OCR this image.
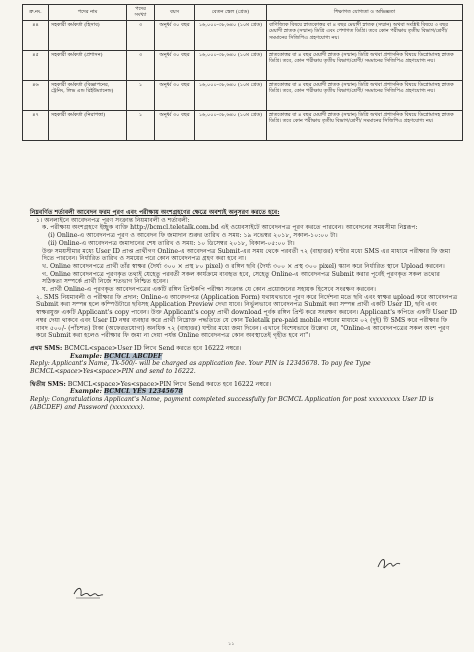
ক্র.নং.	পদের নাম	পদের সংখ্যা	বয়স	বেতন স্কেল (গ্রেড)	শিক্ষাগত যোগ্যতা ও অভিজ্ঞতা
৪৪	সহকারী কর্মকর্তা (হিসাব)	৩	অনূর্ধ্ব ৩০ বছর	১৬,০০০-৩৮,৬৪০ (১০ম গ্রেড)	বাণিজ্যিক বিষয়ে স্নাতকোত্তর বা ৪ বছর মেয়াদী স্নাতক (সম্মান) অথবা সংশ্লিষ্ট বিষয়ে ৩ বছর মেয়াদী স্নাতক (সম্মান) ডিগ্রি এবং পেশাগত ডিগ্রি। তবে কোন পরীক্ষায় তৃতীয় বিভাগ/শ্রেণী/সমমানের সিজিপিএ গ্রহণযোগ্য নয়।
৪৫	সহকারী কর্মকর্তা (প্রশাসন)	৩	অনূর্ধ্ব ৩০ বছর	১৬,০০০-৩৮,৬৪০ (১০ম গ্রেড)	স্নাতকোত্তর বা ৪ বছর মেয়াদী স্নাতক (সম্মান) ডিগ্রি অথবা প্রশাসনিক বিষয়ে ডিপ্লোমাসহ স্নাতক ডিগ্রি। তবে, কোন পরীক্ষায় তৃতীয় বিভাগ/শ্রেণী/ সমমানের সিজিপিএ গ্রহণযোগ্য নয়।
৪৬	সহকারী কর্মকর্তা (বিজ্ঞাপনের, ট্রেনিং, লিভ এন্ড রিইউম্যানেন্ড)	১	অনূর্ধ্ব ৩০ বছর	১৬,০০০-৩৮,৬৪০ (১০ম গ্রেড)	স্নাতকোত্তর বা ৪ বছর মেয়াদী স্নাতক (সম্মান) ডিগ্রি অথবা প্রশাসনিক বিষয়ে ডিপ্লোমাসহ স্নাতক ডিগ্রি। তবে, কোন পরীক্ষায় তৃতীয় বিভাগ/শ্রেণী/ সমমানের সিজিপিএ গ্রহণযোগ্য নয়।
৪৭	সহকারী কর্মকর্তা (নিরাপত্তা)	১	অনূর্ধ্ব ৩০ বছর	১৬,০০০-৩৮,৬৪০ (১০ম গ্রেড)	স্নাতকোত্তর বা ৪ বছর মেয়াদী স্নাতক (সম্মান) ডিগ্রি অথবা প্রশাসনিক বিষয়ে ডিপ্লোমাসহ স্নাতক ডিগ্রি। তবে কোন পরীক্ষায় তৃতীয় বিভাগ/শ্রেণী/ সমমানের সিজিপিএ গ্রহণযোগ্য নয়।

নিম্নবর্ণিত শর্তাবলী আবেদন ফরম পূরণ এবং পরীক্ষায় অংশগ্রহণের ক্ষেত্রে অবশ্যই অনুসরণ করতে হবে:

১। অনলাইনে আবেদনপত্র পূরণ সংক্রান্ত নিয়মাবলী ও শর্তাবলী:

ক. পরীক্ষায় অংশগ্রহণে ইচ্ছুক ব্যক্তি http://bcmcl.teletalk.com.bd এই ওয়েবসাইটে আবেদনপত্র পূরণ করতে পারবেন। আবেদনের সময়সীমা নিম্নরূপ:

(i) Online-এ আবেদনপত্র পূরণ ও আবেদন ফি জমাদান শুরুর তারিখ ও সময়: ১৯ নভেম্বর ২০১৮, সকাল-১০:০০ টা।

(ii) Online-এ আবেদনপত্র জমাদানের শেষ তারিখ ও সময়: ১০ ডিসেম্বর ২০১৮, বিকাল-০৫:০০ টা।

উক্ত সময়সীমার মধ্যে User ID প্রাপ্ত প্রার্থীগণ Online-এ আবেদনপত্র Submit-এর সময় থেকে পরবর্তী ৭২ (বাহাত্তর) ঘণ্টার মধ্যে SMS এর মাধ্যমে পরীক্ষার ফি জমা দিতে পারবেন। নির্ধারিত তারিখ ও সময়ের পরে কোন আবেদনপত্র গ্রহণ করা হবে না।

খ. Online আবেদনপত্রে প্রার্থী তাঁর স্বাক্ষর (দৈর্ঘ্য ৩০০ × প্রস্থ ৮০ pixel) ও রঙ্গিন ছবি (দৈর্ঘ্য ৩০০ × প্রস্থ ৩০০ pixel) স্ক্যান করে নির্ধারিত স্থানে Upload করবেন।

গ. Online আবেদনপত্রে পূরণকৃত তথ্যই যেহেতু পরবর্তী সকল কার্যক্রমে ব্যবহৃত হবে, সেহেতু Online-এ আবেদনপত্র Submit করার পূর্বেই পূরণকৃত সকল তথ্যের সঠিকতা সম্পর্কে প্রার্থী নিজে শতভাগ নিশ্চিত হবেন।

ঘ. প্রার্থী Online-এ পূরণকৃত আবেদনপত্রের একটি রঙ্গিন প্রিন্টকপি পরীক্ষা সংক্রান্ত যে কোন প্রয়োজনের সহায়ক হিসেবে সংরক্ষণ করবেন।

২. SMS নিয়মাবলী ও পরীক্ষার ফি প্রদান: Online-এ আবেদনপত্র (Application Form) যথাযথভাবে পূরণ করে নির্দেশনা মতে ছবি এবং স্বাক্ষর upload করে আবেদনপত্র Submit করা সম্পন্ন হলে কম্পিউটারে ছবিসহ Application Preview দেখা যাবে। নির্ভুলভাবে আবেদনপত্র Submit করা সম্পন্ন প্রার্থী একটি User ID, ছবি এবং স্বাক্ষরযুক্ত একটি Applicant's copy পাবেন। উক্ত Applicant's copy প্রার্থী download পূর্বক রঙ্গিন প্রিন্ট করে সংরক্ষণ করবেন। Applicant's কপিতে একটি User ID নম্বর দেয়া থাকবে এবং User ID নম্বর ব্যবহার করে প্রার্থী নিম্নোক্ত পদ্ধতিতে যে কোন Teletalk pre-paid mobile নম্বরের মাধ্যমে ০২ (দুই) টি SMS করে পরীক্ষার ফি বাবদ ৫০০/- (পাঁচশত) টাকা (অফেরতযোগ্য) অনধিক ৭২ (বাহাত্তর) ঘণ্টার মধ্যে জমা দিবেন। এখানে বিশেষভাবে উল্লেখ্য যে, "Online-এ আবেদনপত্রের সকল অংশ পূরণ করে Submit করা হলেও পরীক্ষার ফি জমা না দেয়া পর্যন্ত Online আবেদনপত্র কোন অবস্থাতেই গৃহীত হবে না"।

প্রথম SMS: BCMCL<space>User ID লিখে Send করতে হবে 16222 নম্বরে।

Example: BCMCL ABCDEF

Reply: Applicant's Name, Tk-500/- will be charged as application fee. Your PIN is 12345678. To pay fee Type BCMCL<space>Yes<space>PIN and send to 16222.

দ্বিতীয় SMS: BCMCL<space>Yes<space>PIN লিখে Send করতে হবে 16222 নম্বরে।

Example: BCMCL YES 12345678

Reply: Congratulations Applicant's Name, payment completed successfully for BCMCL Application for post xxxxxxxxx User ID is (ABCDEF) and Password (xxxxxxxx).

১১
